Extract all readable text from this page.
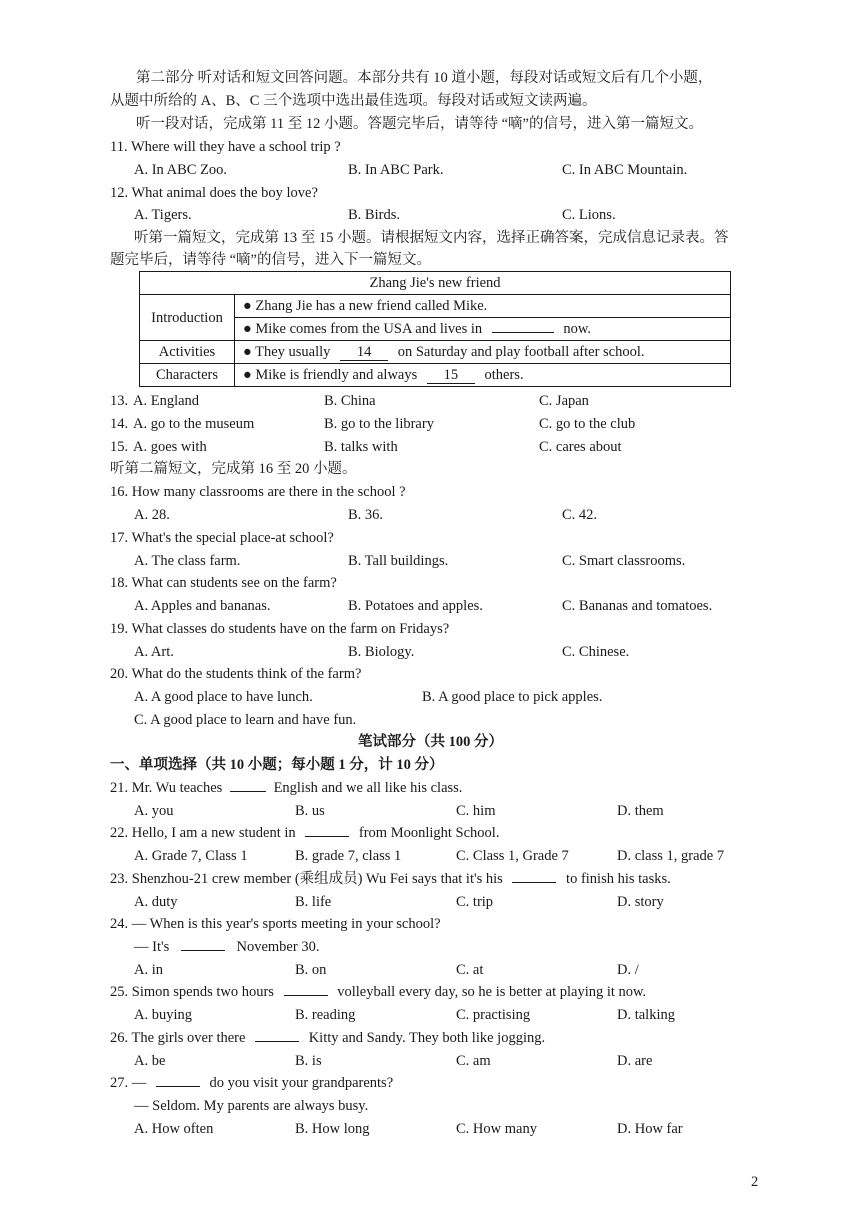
第二部分 听对话和短文回答问题。本部分共有 10 道小题，每段对话或短文后有几个小题，
从题中所给的 A、B、C 三个选项中选出最佳选项。每段对话或短文读两遍。
听一段对话，完成第 11 至 12 小题。答题完毕后，请等待 “嘀”的信号，进入第一篇短文。
11. Where will they have a school trip ?
A. In ABC Zoo.	B. In ABC Park.	C. In ABC Mountain.
12. What animal does the boy love?
A. Tigers.	B. Birds.	C. Lions.
听第一篇短文，完成第 13 至 15 小题。请根据短文内容，选择正确答案，完成信息记录表。答
题完毕后，请等待 “嘀”的信号，进入下一篇短文。
Zhang Jie's new friend	
Introduction	● Zhang Jie has a new friend called Mike.
	● Mike comes from the USA and lives in now.
Activities	● They usually 14 on Saturday and play football after school.
Characters	● Mike is friendly and always 15 others.
13. A. England	B. China	C. Japan
14. A. go to the museum	B. go to the library	C. go to the club
15. A. goes with	B. talks with	C. cares about
听第二篇短文，完成第 16 至 20 小题。
16. How many classrooms are there in the school ?
A. 28.	B. 36.	C. 42.
17. What's the special place-at school?
A. The class farm.	B. Tall buildings.	C. Smart classrooms.
18. What can students see on the farm?
A. Apples and bananas.	B. Potatoes and apples.	C. Bananas and tomatoes.
19. What classes do students have on the farm on Fridays?
A. Art.	B. Biology.	C. Chinese.
20. What do the students think of the farm?
A. A good place to have lunch.	B. A good place to pick apples.
C. A good place to learn and have fun.
笔试部分（共 100 分）
一、单项选择（共 10 小题；每小题 1 分，计 10 分）
21. Mr. Wu teaches	English and we all like his class.
A. you	B. us	C. him	D. them
22. Hello, I am a new student in	from Moonlight School.
A. Grade 7, Class 1	B. grade 7, class 1	C. Class 1, Grade 7	D. class 1, grade 7
23. Shenzhou-21 crew member (乘组成员) Wu Fei says that it's his	to finish his tasks.
A. duty	B. life	C. trip	D. story
24. — When is this year's sports meeting in your school?
— It's	November 30.
A. in	B. on	C. at	D. /
25. Simon spends two hours	volleyball every day, so he is better at playing it now.
A. buying	B. reading	C. practising	D. talking
26. The girls over there	Kitty and Sandy. They both like jogging.
A. be	B. is	C. am	D. are
27. —	do you visit your grandparents?
— Seldom. My parents are always busy.
A. How often	B. How long	C. How many	D. How far
2
